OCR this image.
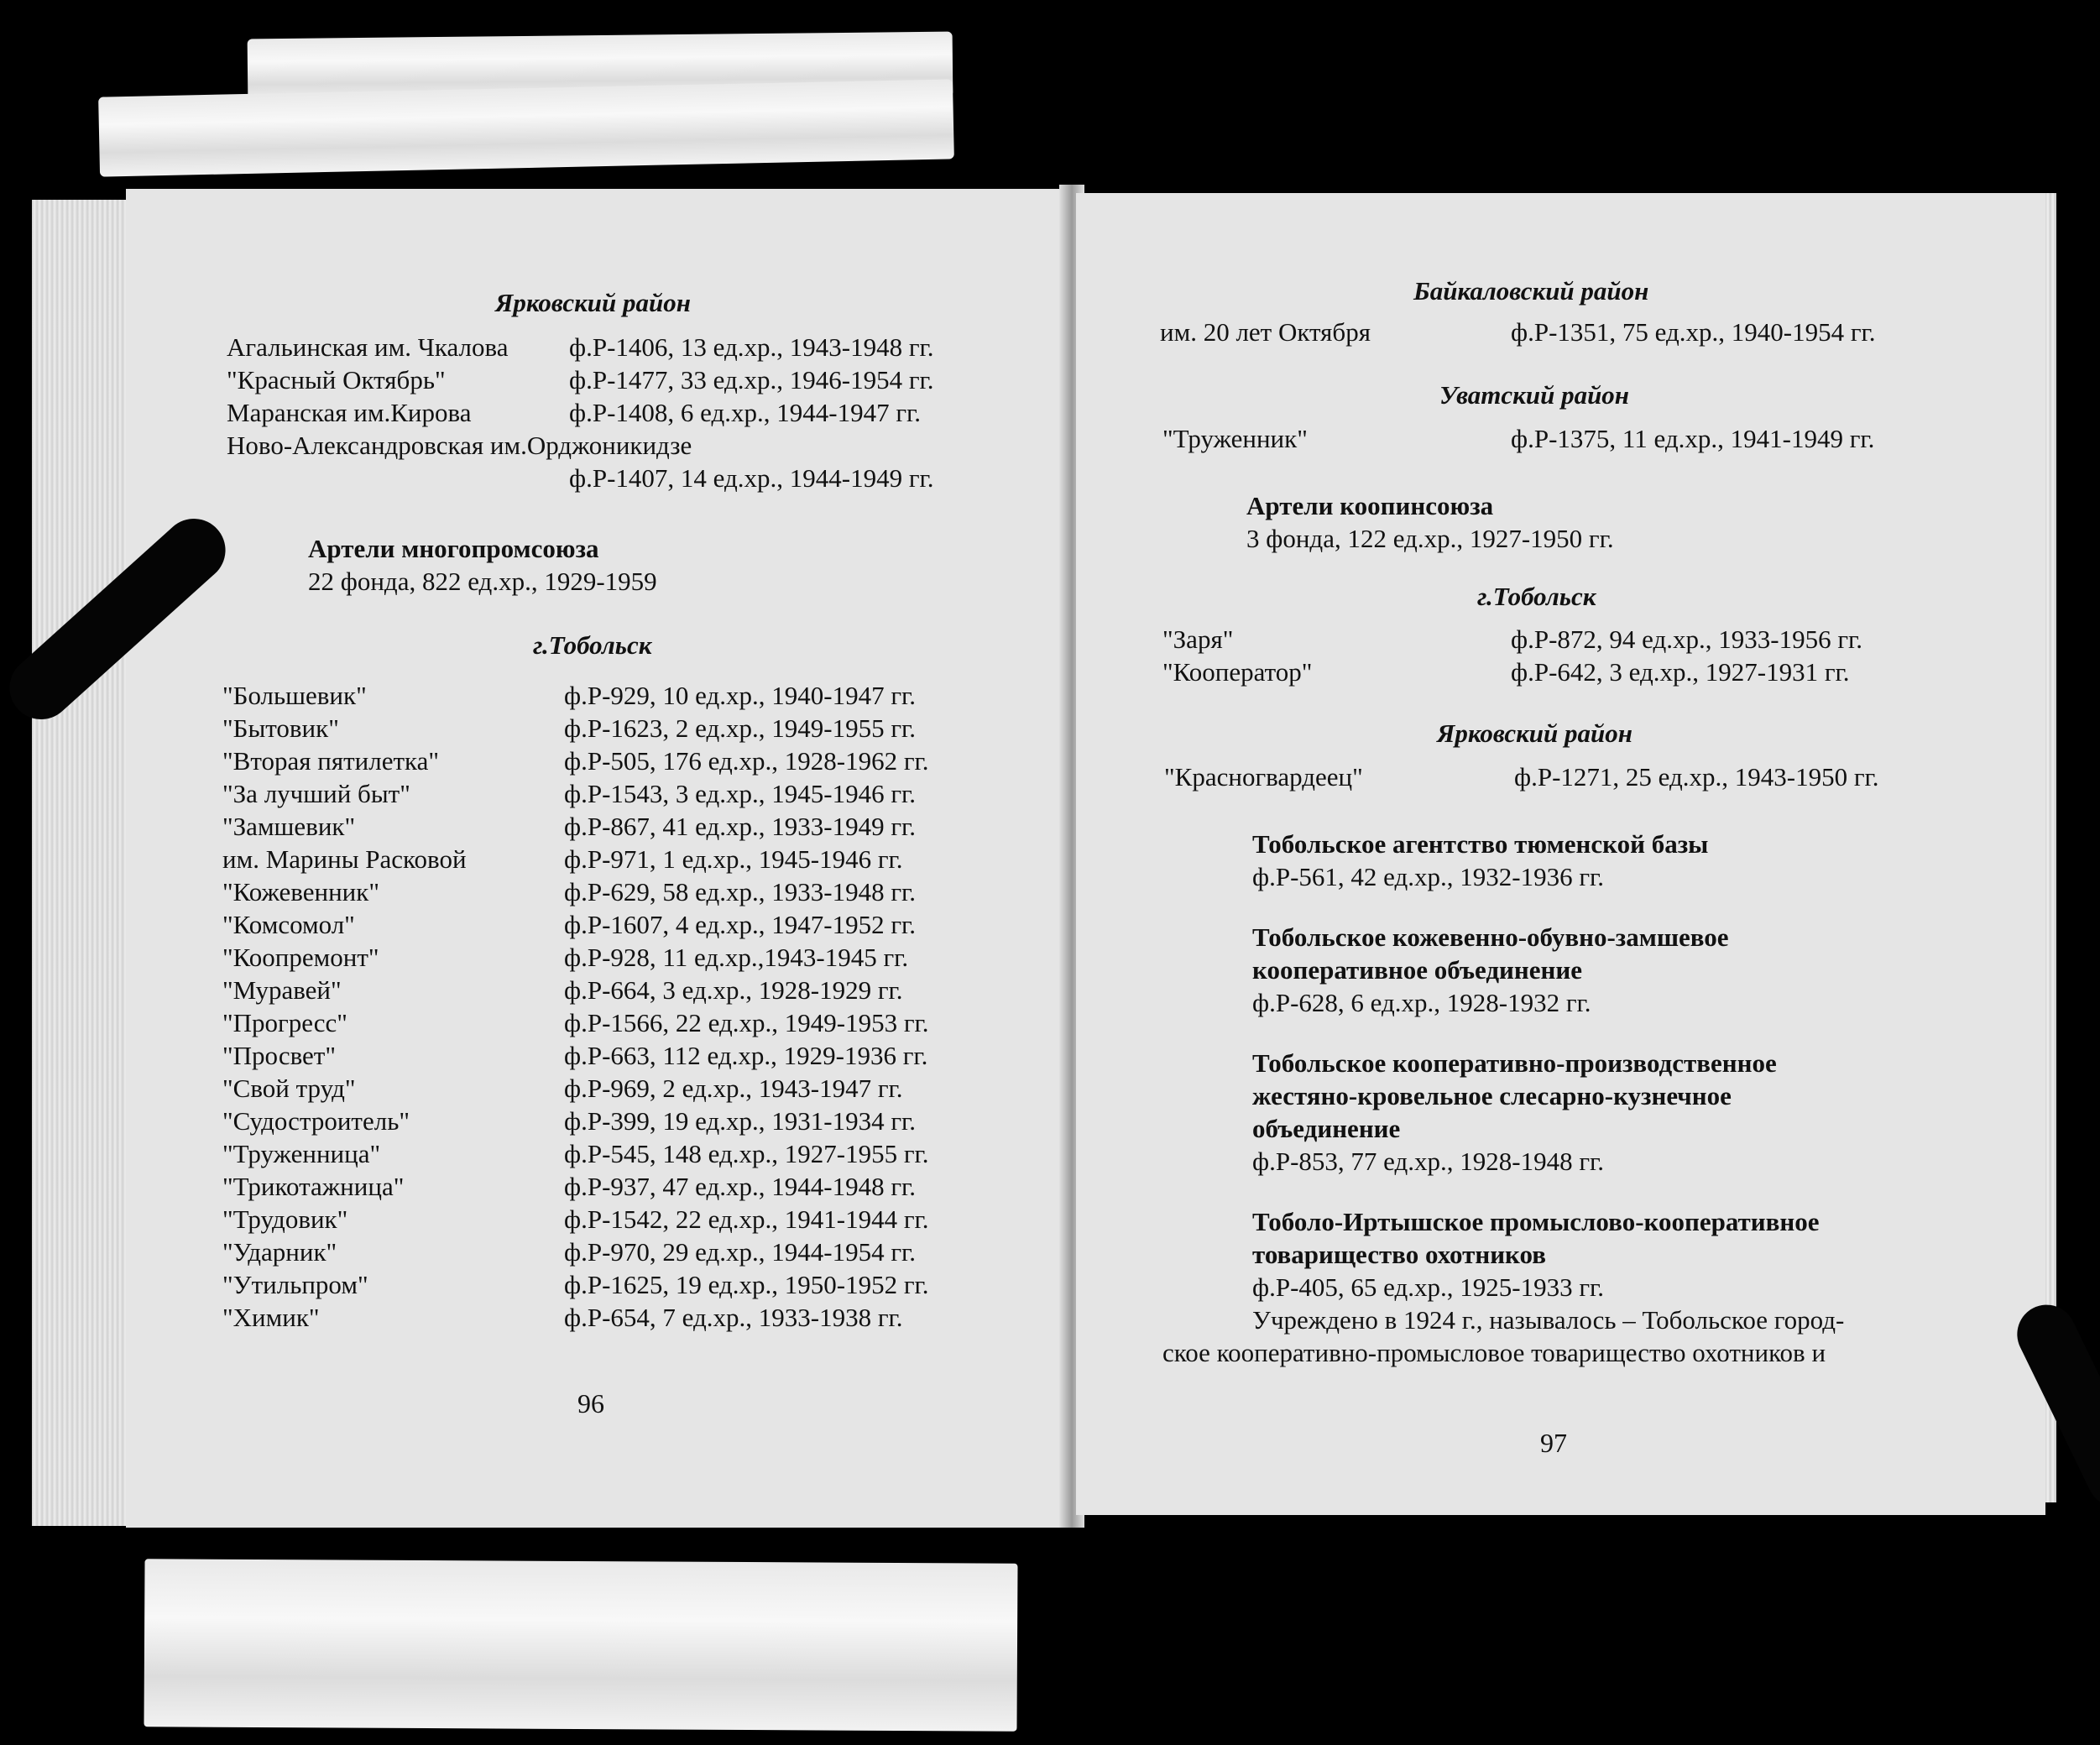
Ярковский район
Агальинская им. Чкалова ф.Р-1406, 13 ед.хр., 1943-1948 гг.
"Красный Октябрь"	ф.Р-1477, 33 ед.хр., 1946-1954 гг.
Маранская им.Кирова	ф.Р-1408, 6 ед.хр., 1944-1947 гг.
Ново-Александровская им.Орджоникидзе
ф.Р-1407, 14 ед.хр., 1944-1949 гг.
Артели многопромсоюза
22 фонда, 822 ед.хр., 1929-1959
г.Тобольск
"Большевик"	ф.Р-929, 10 ед.хр., 1940-1947 гг.
"Бытовик"	ф.Р-1623, 2 ед.хр., 1949-1955 гг.
"Вторая пятилетка"	ф.Р-505, 176 ед.хр., 1928-1962 гг.
"За лучший быт"	ф.Р-1543, 3 ед.хр., 1945-1946 гг.
"Замшевик"	ф.Р-867, 41 ед.хр., 1933-1949 гг.
им. Марины Расковой	ф.Р-971, 1 ед.хр., 1945-1946 гг.
"Кожевенник"	ф.Р-629, 58 ед.хр., 1933-1948 гг.
"Комсомол"	ф.Р-1607, 4 ед.хр., 1947-1952 гг.
"Коопремонт"	ф.Р-928, 11 ед.хр.,1943-1945 гг.
"Муравей"	ф.Р-664, 3 ед.хр., 1928-1929 гг.
"Прогресс"	ф.Р-1566, 22 ед.хр., 1949-1953 гг.
"Просвет"	ф.Р-663, 112 ед.хр., 1929-1936 гг.
"Свой труд"	ф.Р-969, 2 ед.хр., 1943-1947 гг.
"Судостроитель"	ф.Р-399, 19 ед.хр., 1931-1934 гг.
"Труженница"	ф.Р-545, 148 ед.хр., 1927-1955 гг.
"Трикотажница"	ф.Р-937, 47 ед.хр., 1944-1948 гг.
"Трудовик"	ф.Р-1542, 22 ед.хр., 1941-1944 гг.
"Ударник"	ф.Р-970, 29 ед.хр., 1944-1954 гг.
"Утильпром"	ф.Р-1625, 19 ед.хр., 1950-1952 гг.
"Химик"	ф.Р-654, 7 ед.хр., 1933-1938 гг.
96
Байкаловский район
им. 20 лет Октября	ф.Р-1351, 75 ед.хр., 1940-1954 гг.
Уватский район
"Труженник"	ф.Р-1375, 11 ед.хр., 1941-1949 гг.
Артели коопинсоюза
3 фонда, 122 ед.хр., 1927-1950 гг.
г.Тобольск
"Заря"	ф.Р-872, 94 ед.хр., 1933-1956 гг.
"Кооператор"	ф.Р-642, 3 ед.хр., 1927-1931 гг.
Ярковский район
"Красногвардеец"	ф.Р-1271, 25 ед.хр., 1943-1950 гг.
Тобольское агентство тюменской базы
ф.Р-561, 42 ед.хр., 1932-1936 гг.
Тобольское кожевенно-обувно-замшевое
кооперативное объединение
ф.Р-628, 6 ед.хр., 1928-1932 гг.
Тобольское кооперативно-производственное
жестяно-кровельное слесарно-кузнечное
объединение
ф.Р-853, 77 ед.хр., 1928-1948 гг.
Тоболо-Иртышское промыслово-кооперативное
товарищество охотников
ф.Р-405, 65 ед.хр., 1925-1933 гг.
Учреждено в 1924 г., называлось – Тобольское город-
ское кооперативно-промысловое товарищество охотников и
97
